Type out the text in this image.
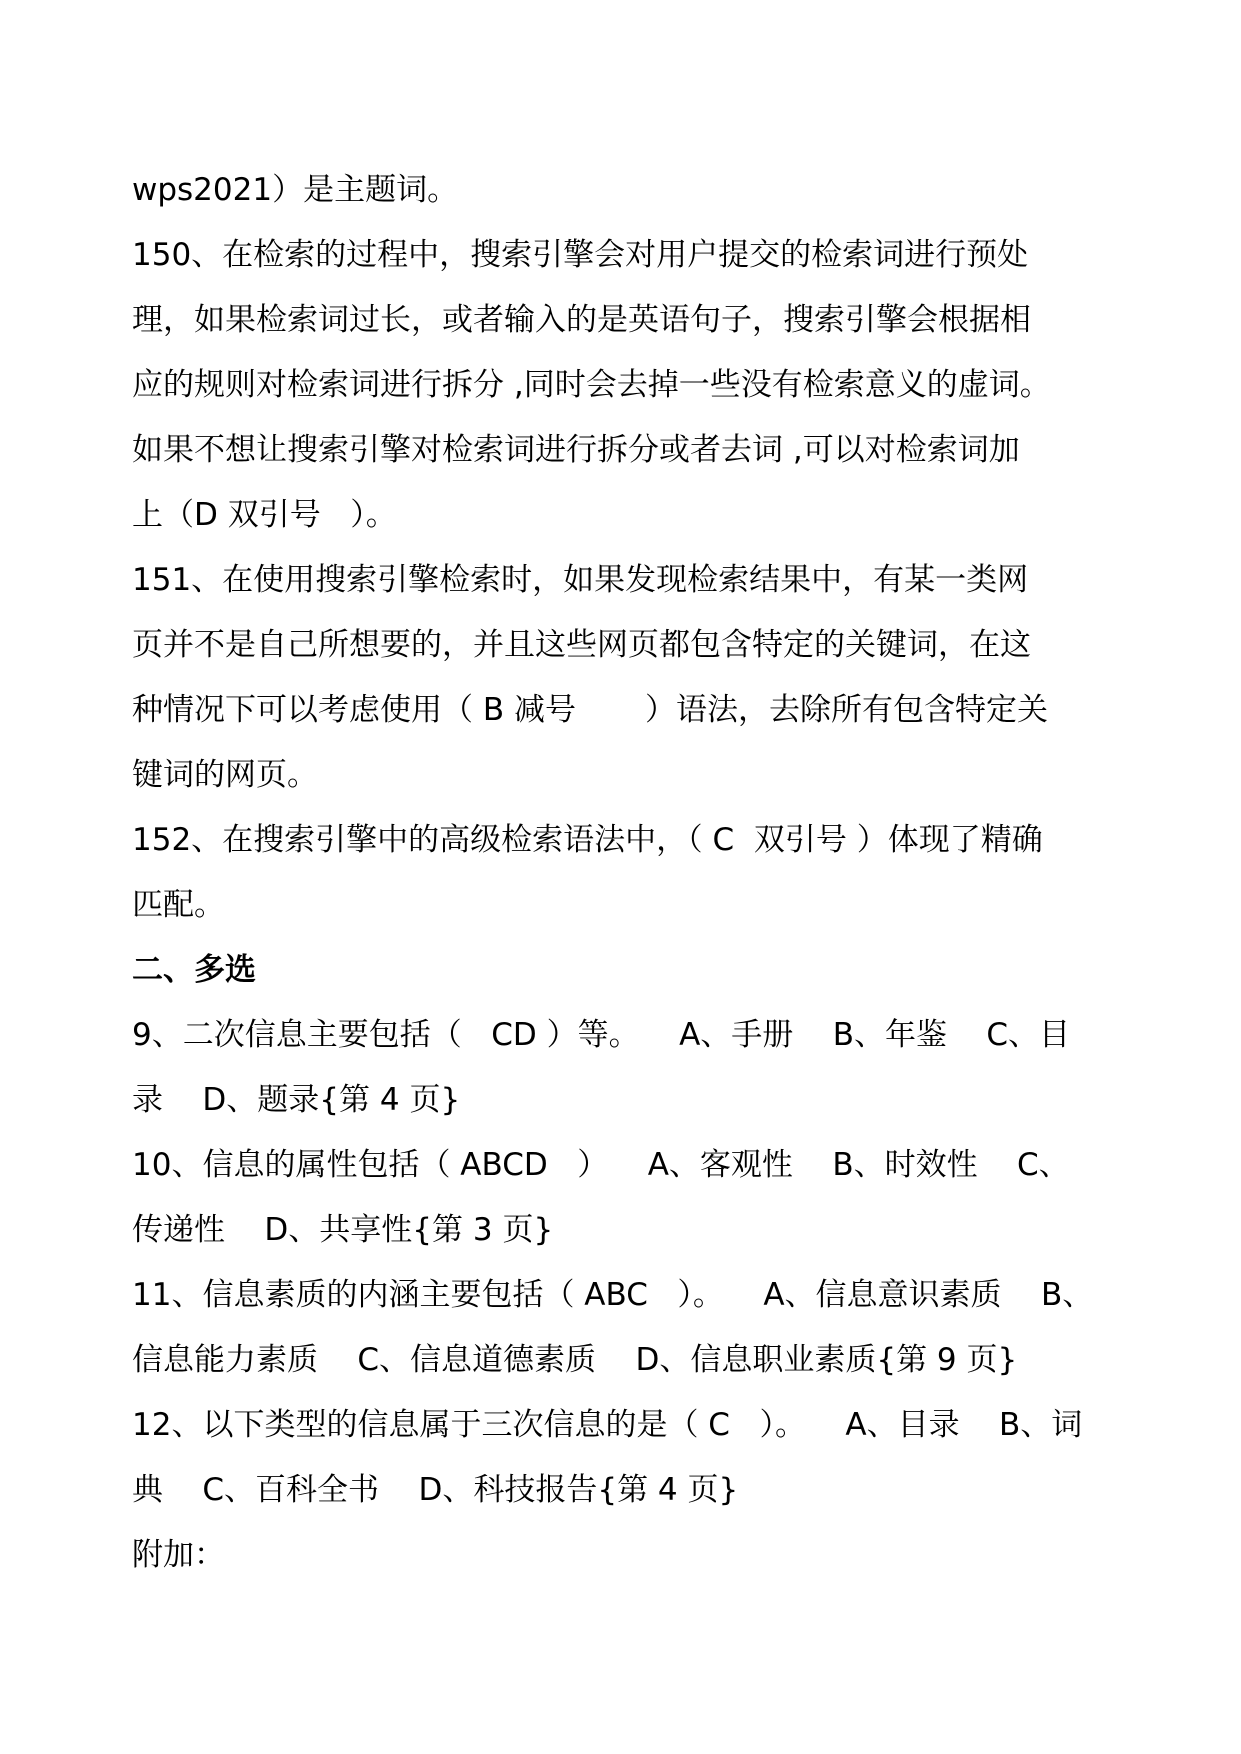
wps2021）是主题词。
150、在检索的过程中，搜索引擎会对用户提交的检索词进行预处
理，如果检索词过长，或者输入的是英语句子，搜索引擎会根据相
应的规则对检索词进行拆分 ,同时会去掉一些没有检索意义的虚词。
如果不想让搜索引擎对检索词进行拆分或者去词 ,可以对检索词加
上（D 双引号   ）。
151、在使用搜索引擎检索时，如果发现检索结果中，有某一类网
页并不是自己所想要的，并且这些网页都包含特定的关键词，在这
种情况下可以考虑使用（ B 减号       ）语法，去除所有包含特定关
键词的网页。
152、在搜索引擎中的高级检索语法中，（ C  双引号 ）体现了精确
匹配。
二、多选
9、二次信息主要包括（   CD ）等。    A、手册    B、年鉴    C、目
录    D、题录{第 4 页}
10、信息的属性包括（ ABCD   ）    A、客观性    B、时效性    C、
传递性    D、共享性{第 3 页}
11、信息素质的内涵主要包括（ ABC   ）。    A、信息意识素质    B、
信息能力素质    C、信息道德素质    D、信息职业素质{第 9 页}
12、以下类型的信息属于三次信息的是（ C   ）。    A、目录    B、词
典    C、百科全书    D、科技报告{第 4 页}
附加：
